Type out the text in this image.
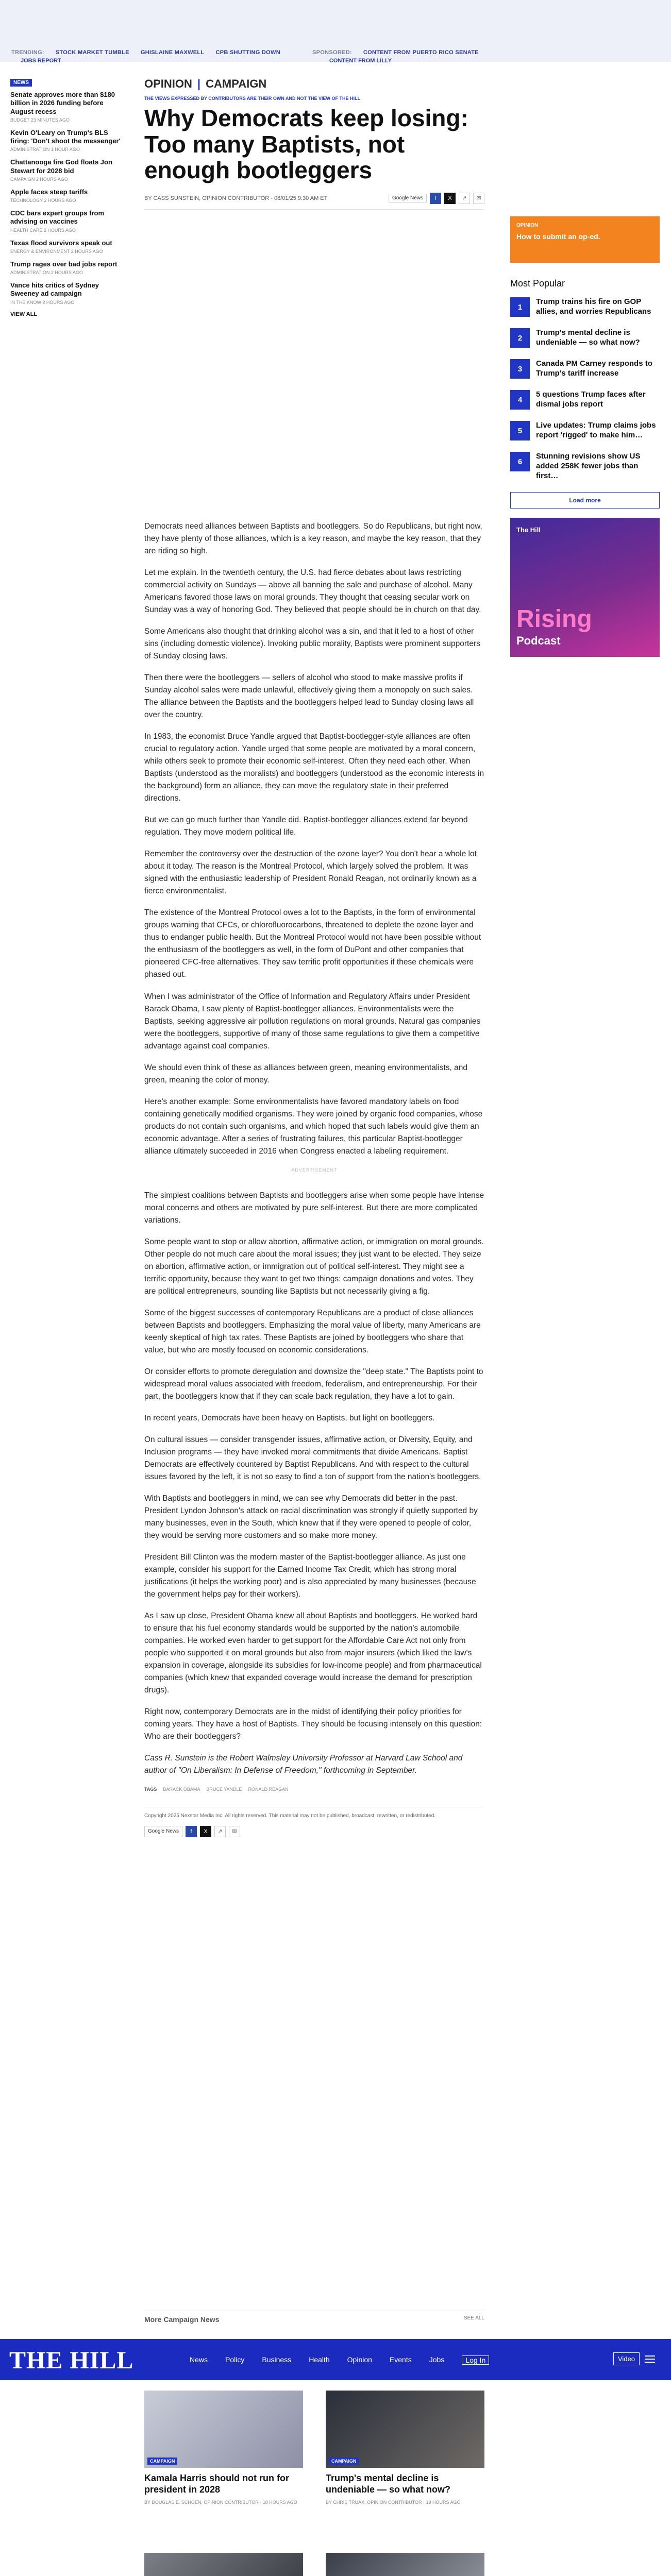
TRENDING: STOCK MARKET TUMBLE GHISLAINE MAXWELL CPB SHUTTING DOWN	SPONSORED: CONTENT FROM PUERTO RICO SENATE
JOBS REPORT	CONTENT FROM LILLY
NEWS
Senate approves more than $180 billion in 2026 funding before August recess
BUDGET 23 MINUTES AGO
Kevin O'Leary on Trump's BLS firing: 'Don't shoot the messenger'
ADMINISTRATION 1 HOUR AGO
Chattanooga fire God floats Jon Stewart for 2028 bid
CAMPAIGN 2 HOURS AGO
Apple faces steep tariffs
TECHNOLOGY 2 HOURS AGO
CDC bars expert groups from advising on vaccines
HEALTH CARE 2 HOURS AGO
Texas flood survivors speak out
ENERGY & ENVIRONMENT 2 HOURS AGO
Trump rages over bad jobs report
ADMINISTRATION 2 HOURS AGO
Vance hits critics of Sydney Sweeney ad campaign
IN THE KNOW 2 HOURS AGO
VIEW ALL
OPINION | CAMPAIGN
THE VIEWS EXPRESSED BY CONTRIBUTORS ARE THEIR OWN AND NOT THE VIEW OF THE HILL
Why Democrats keep losing: Too many Baptists, not enough bootleggers
BY CASS SUNSTEIN, OPINION CONTRIBUTOR - 08/01/25 9:30 AM ET	Google News	f	X	↗	✉
OPINION
How to submit an op-ed.
Most Popular
1
Trump trains his fire on GOP allies, and worries Republicans
2
Trump's mental decline is undeniable — so what now?
3
Canada PM Carney responds to Trump's tariff increase
4
5 questions Trump faces after dismal jobs report
5
Live updates: Trump claims jobs report 'rigged' to make him…
6
Stunning revisions show US added 258K fewer jobs than first…
Load more
The Hill
Rising
Podcast

Democrats need alliances between Baptists and bootleggers. So do Republicans, but right now, they have plenty of those alliances, which is a key reason, and maybe the key reason, that they are riding so high.

Let me explain. In the twentieth century, the U.S. had fierce debates about laws restricting commercial activity on Sundays — above all banning the sale and purchase of alcohol. Many Americans favored those laws on moral grounds. They thought that ceasing secular work on Sunday was a way of honoring God. They believed that people should be in church on that day.

Some Americans also thought that drinking alcohol was a sin, and that it led to a host of other sins (including domestic violence). Invoking public morality, Baptists were prominent supporters of Sunday closing laws.

Then there were the bootleggers — sellers of alcohol who stood to make massive profits if Sunday alcohol sales were made unlawful, effectively giving them a monopoly on such sales. The alliance between the Baptists and the bootleggers helped lead to Sunday closing laws all over the country.

In 1983, the economist Bruce Yandle argued that Baptist-bootlegger-style alliances are often crucial to regulatory action. Yandle urged that some people are motivated by a moral concern, while others seek to promote their economic self-interest. Often they need each other. When Baptists (understood as the moralists) and bootleggers (understood as the economic interests in the background) form an alliance, they can move the regulatory state in their preferred directions.

But we can go much further than Yandle did. Baptist-bootlegger alliances extend far beyond regulation. They move modern political life.

Remember the controversy over the destruction of the ozone layer? You don't hear a whole lot about it today. The reason is the Montreal Protocol, which largely solved the problem. It was signed with the enthusiastic leadership of President Ronald Reagan, not ordinarily known as a fierce environmentalist.

The existence of the Montreal Protocol owes a lot to the Baptists, in the form of environmental groups warning that CFCs, or chlorofluorocarbons, threatened to deplete the ozone layer and thus to endanger public health. But the Montreal Protocol would not have been possible without the enthusiasm of the bootleggers as well, in the form of DuPont and other companies that pioneered CFC-free alternatives. They saw terrific profit opportunities if these chemicals were phased out.

When I was administrator of the Office of Information and Regulatory Affairs under President Barack Obama, I saw plenty of Baptist-bootlegger alliances. Environmentalists were the Baptists, seeking aggressive air pollution regulations on moral grounds. Natural gas companies were the bootleggers, supportive of many of those same regulations to give them a competitive advantage against coal companies.

We should even think of these as alliances between green, meaning environmentalists, and green, meaning the color of money.

Here's another example: Some environmentalists have favored mandatory labels on food containing genetically modified organisms. They were joined by organic food companies, whose products do not contain such organisms, and which hoped that such labels would give them an economic advantage. After a series of frustrating failures, this particular Baptist-bootlegger alliance ultimately succeeded in 2016 when Congress enacted a labeling requirement.

ADVERTISEMENT

The simplest coalitions between Baptists and bootleggers arise when some people have intense moral concerns and others are motivated by pure self-interest. But there are more complicated variations.

Some people want to stop or allow abortion, affirmative action, or immigration on moral grounds. Other people do not much care about the moral issues; they just want to be elected. They seize on abortion, affirmative action, or immigration out of political self-interest. They might see a terrific opportunity, because they want to get two things: campaign donations and votes. They are political entrepreneurs, sounding like Baptists but not necessarily giving a fig.

Some of the biggest successes of contemporary Republicans are a product of close alliances between Baptists and bootleggers. Emphasizing the moral value of liberty, many Americans are keenly skeptical of high tax rates. These Baptists are joined by bootleggers who share that value, but who are mostly focused on economic considerations.

Or consider efforts to promote deregulation and downsize the "deep state." The Baptists point to widespread moral values associated with freedom, federalism, and entrepreneurship. For their part, the bootleggers know that if they can scale back regulation, they have a lot to gain.

In recent years, Democrats have been heavy on Baptists, but light on bootleggers.

On cultural issues — consider transgender issues, affirmative action, or Diversity, Equity, and Inclusion programs — they have invoked moral commitments that divide Americans. Baptist Democrats are effectively countered by Baptist Republicans. And with respect to the cultural issues favored by the left, it is not so easy to find a ton of support from the nation's bootleggers.

With Baptists and bootleggers in mind, we can see why Democrats did better in the past. President Lyndon Johnson's attack on racial discrimination was strongly if quietly supported by many businesses, even in the South, which knew that if they were opened to people of color, they would be serving more customers and so make more money.

President Bill Clinton was the modern master of the Baptist-bootlegger alliance. As just one example, consider his support for the Earned Income Tax Credit, which has strong moral justifications (it helps the working poor) and is also appreciated by many businesses (because the government helps pay for their workers).

As I saw up close, President Obama knew all about Baptists and bootleggers. He worked hard to ensure that his fuel economy standards would be supported by the nation's automobile companies. He worked even harder to get support for the Affordable Care Act not only from people who supported it on moral grounds but also from major insurers (which liked the law's expansion in coverage, alongside its subsidies for low-income people) and from pharmaceutical companies (which knew that expanded coverage would increase the demand for prescription drugs).

Right now, contemporary Democrats are in the midst of identifying their policy priorities for coming years. They have a host of Baptists. They should be focusing intensely on this question: Who are their bootleggers?

Cass R. Sunstein is the Robert Walmsley University Professor at Harvard Law School and author of "On Liberalism: In Defense of Freedom," forthcoming in September.

TAGS BARACK OBAMA BRUCE YANDLE RONALD REAGAN
Copyright 2025 Nexstar Media Inc. All rights reserved. This material may not be published, broadcast, rewritten, or redistributed.
Google News	f	X	↗	✉
More Campaign News	SEE ALL
THE HILL	News Policy Business Health Opinion Events Jobs	Log In	Video
CAMPAIGN
Kamala Harris should not run for president in 2028
BY DOUGLAS E. SCHOEN, OPINION CONTRIBUTOR · 18 HOURS AGO
CAMPAIGN
Trump's mental decline is undeniable — so what now?
BY CHRIS TRUAX, OPINION CONTRIBUTOR · 19 HOURS AGO
